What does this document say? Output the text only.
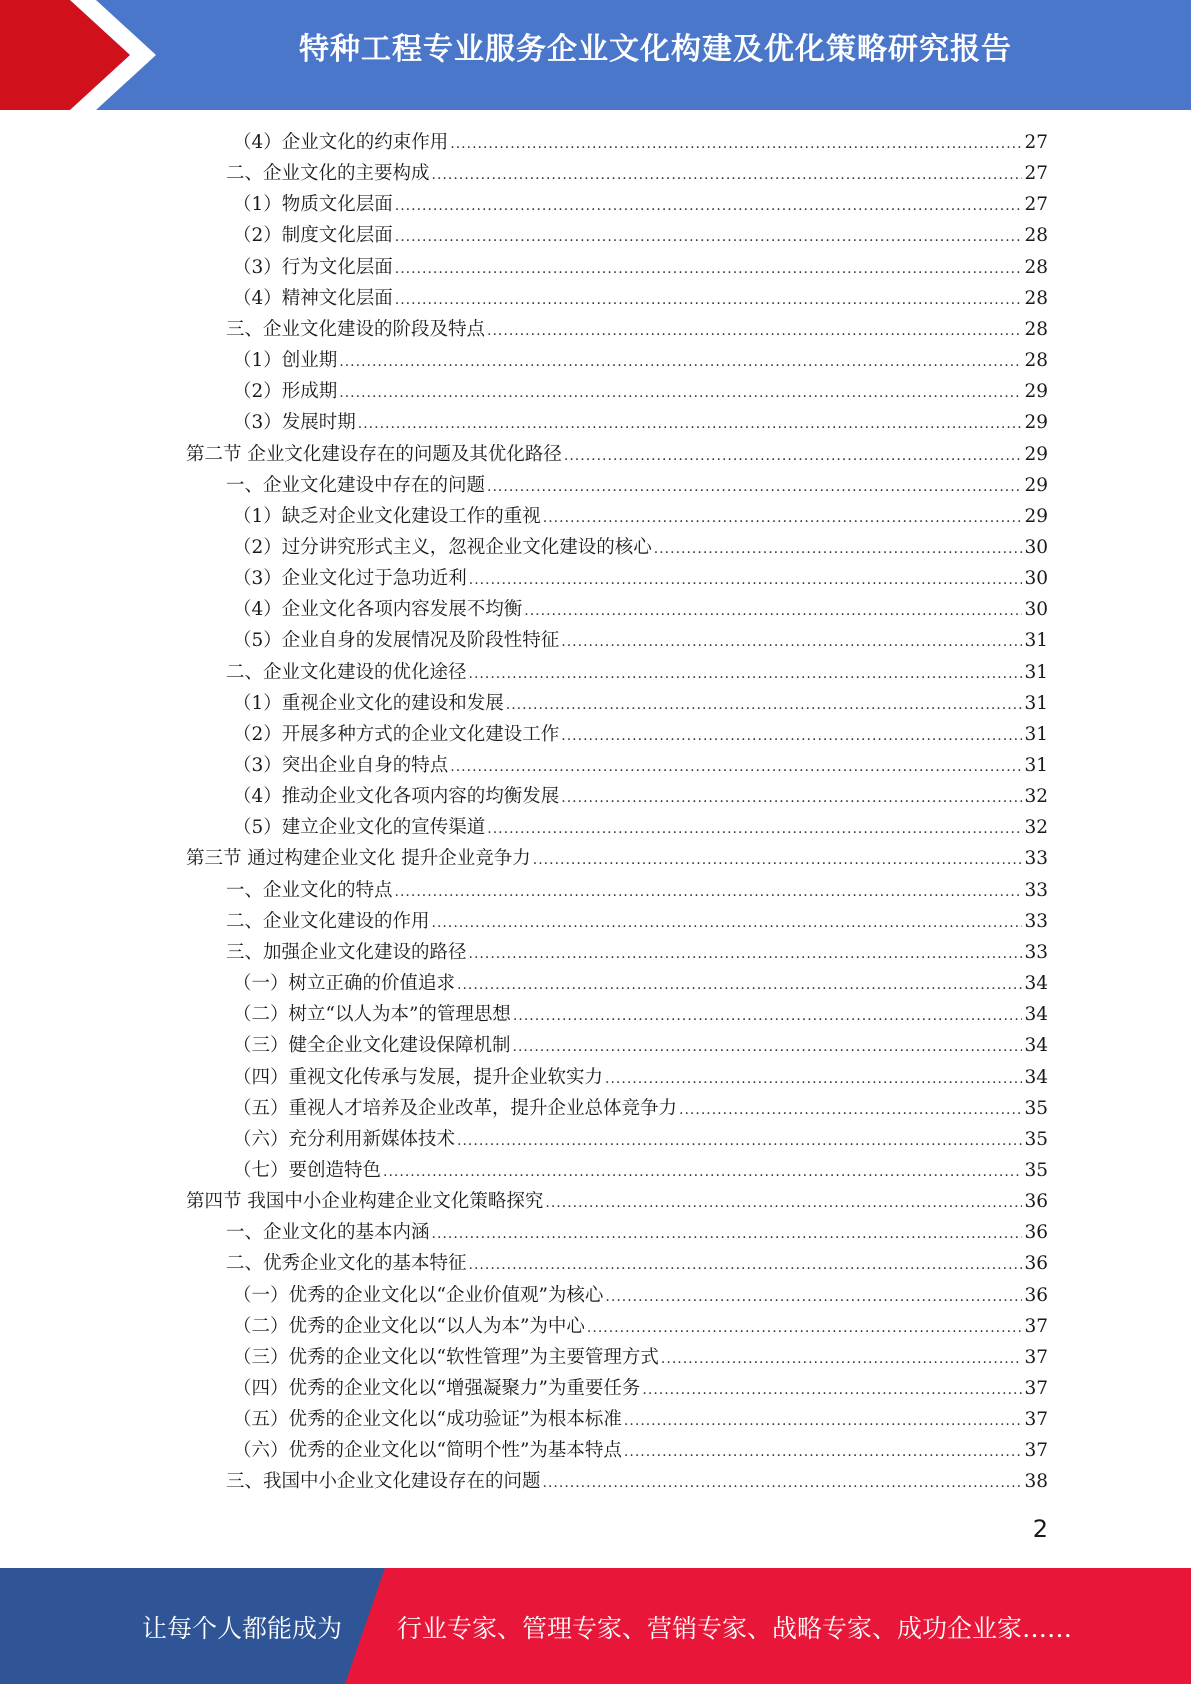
特种工程专业服务企业文化构建及优化策略研究报告
（4）企业文化的约束作用 .....	27
二、企业文化的主要构成 .....	27
（1）物质文化层面 .....	27
（2）制度文化层面 .....	28
（3）行为文化层面 .....	28
（4）精神文化层面 .....	28
三、企业文化建设的阶段及特点 .....	28
（1）创业期 .....	28
（2）形成期 .....	29
（3）发展时期 .....	29
第二节 企业文化建设存在的问题及其优化路径 .....	29
一、企业文化建设中存在的问题 .....	29
（1）缺乏对企业文化建设工作的重视 .....	29
（2）过分讲究形式主义，忽视企业文化建设的核心 .....	30
（3）企业文化过于急功近利 .....	30
（4）企业文化各项内容发展不均衡 .....	30
（5）企业自身的发展情况及阶段性特征 .....	31
二、企业文化建设的优化途径 .....	31
（1）重视企业文化的建设和发展 .....	31
（2）开展多种方式的企业文化建设工作 .....	31
（3）突出企业自身的特点 .....	31
（4）推动企业文化各项内容的均衡发展 .....	32
（5）建立企业文化的宣传渠道 .....	32
第三节 通过构建企业文化 提升企业竞争力 .....	33
一、企业文化的特点 .....	33
二、企业文化建设的作用 .....	33
三、加强企业文化建设的路径 .....	33
（一）树立正确的价值追求 .....	34
（二）树立“以人为本”的管理思想 .....	34
（三）健全企业文化建设保障机制 .....	34
（四）重视文化传承与发展，提升企业软实力 .....	34
（五）重视人才培养及企业改革，提升企业总体竞争力 .....	35
（六）充分利用新媒体技术 .....	35
（七）要创造特色 .....	35
第四节 我国中小企业构建企业文化策略探究 .....	36
一、企业文化的基本内涵 .....	36
二、优秀企业文化的基本特征 .....	36
（一）优秀的企业文化以“企业价值观”为核心 .....	36
（二）优秀的企业文化以“以人为本”为中心 .....	37
（三）优秀的企业文化以“软性管理”为主要管理方式 .....	37
（四）优秀的企业文化以“增强凝聚力”为重要任务 .....	37
（五）优秀的企业文化以“成功验证”为根本标准 .....	37
（六）优秀的企业文化以“简明个性”为基本特点 .....	37
三、我国中小企业文化建设存在的问题 .....	38
2
让每个人都能成为 行业专家、管理专家、营销专家、战略专家、成功企业家……
